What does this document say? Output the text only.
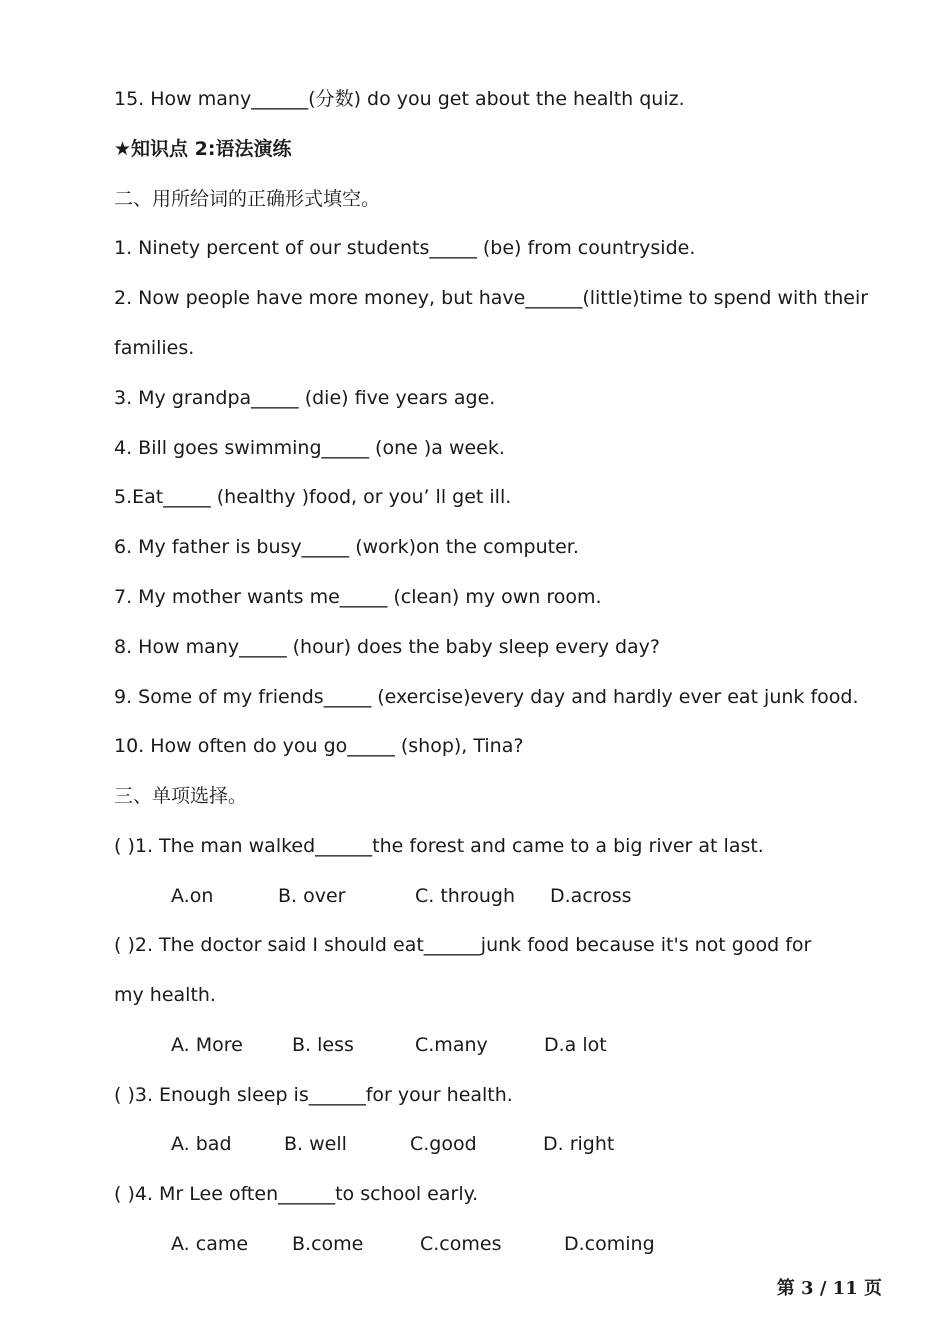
15. How many______(分数) do you get about the health quiz.
★知识点 2:语法演练
二、用所给词的正确形式填空。
1. Ninety percent of our students_____ (be) from countryside.
2. Now people have more money, but have______(little)time to spend with their
families.
3. My grandpa_____ (die) five years age.
4. Bill goes swimming_____ (one )a week.
5.Eat_____ (healthy )food, or you’ ll get ill.
6. My father is busy_____ (work)on the computer.
7. My mother wants me_____ (clean) my own room.
8. How many_____ (hour) does the baby sleep every day?
9. Some of my friends_____ (exercise)every day and hardly ever eat junk food.
10. How often do you go_____ (shop), Tina?
三、单项选择。
( )1. The man walked______the forest and came to a big river at last.
A.on	B. over	C. through D.across
( )2. The doctor said I should eat______junk food because it's not good for
my health.
A. More	B. less	C.many	D.a lot
( )3. Enough sleep is______for your health.
A. bad	B. well	C.good	D. right
( )4. Mr Lee often______to school early.
A. came B.come	C.comes	D.coming
第 3 / 11 页
